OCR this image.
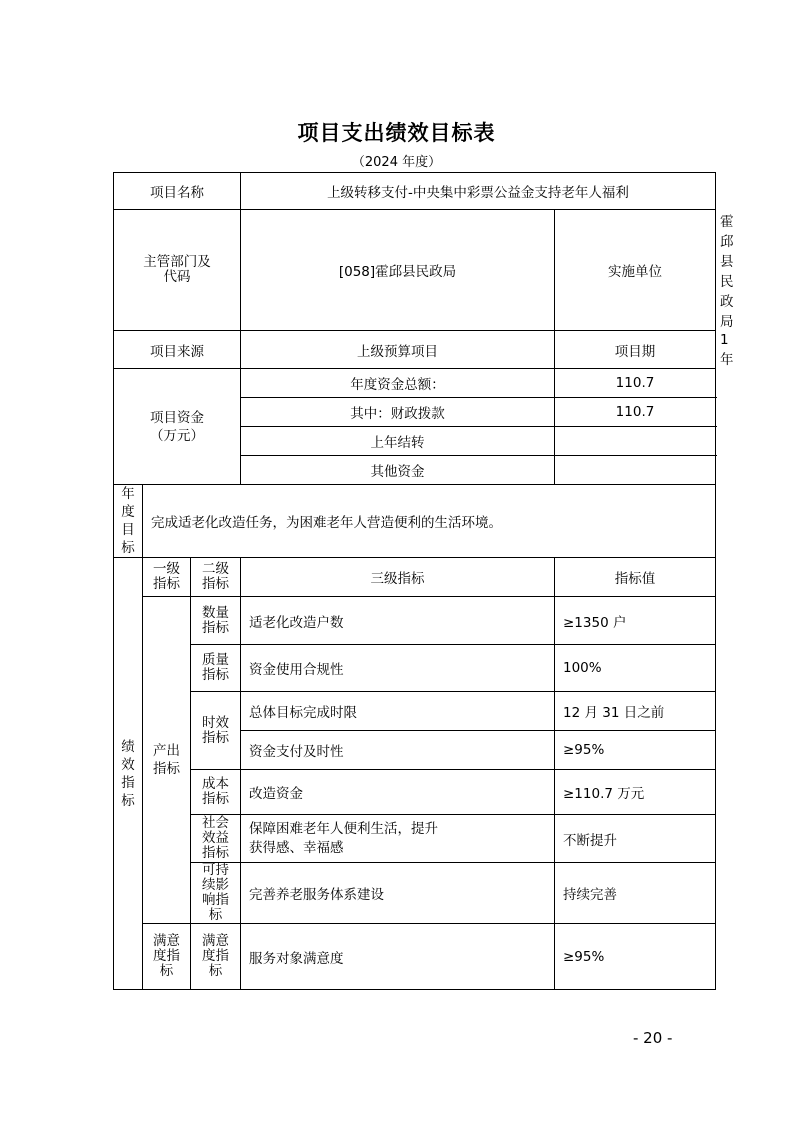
项目支出绩效目标表
（2024 年度）
项目名称			上级转移支付-中央集中彩票公益金支持老年人福利		

主管部门及代码			[058]霍邱县民政局	实施单位	霍邱县民政局
项目来源			上级预算项目	项目期	1 年

项目资金（万元）			年度资金总额：	110.7	
			其中：财政拨款	110.7	
			上年结转		
			其他资金		

年度目标	完成适老化改造任务，为困难老年人营造便利的生活环境。				

绩效指标	一级指标	二级指标	三级指标	指标值	

	产出指标	数量指标	适老化改造户数	≥1350 户	

		质量指标	资金使用合规性	100%	

		时效指标	总体目标完成时限	12 月 31 日之前	
			资金支付及时性	≥95%	

		成本指标	改造资金	≥110.7 万元	

		社会效益指标	保障困难老年人便利生活，提升获得感、幸福感	不断提升	

		可持续影响指标	完善养老服务体系建设	持续完善	

	满意度指标	满意度指标	服务对象满意度	≥95%	
- 20 -
